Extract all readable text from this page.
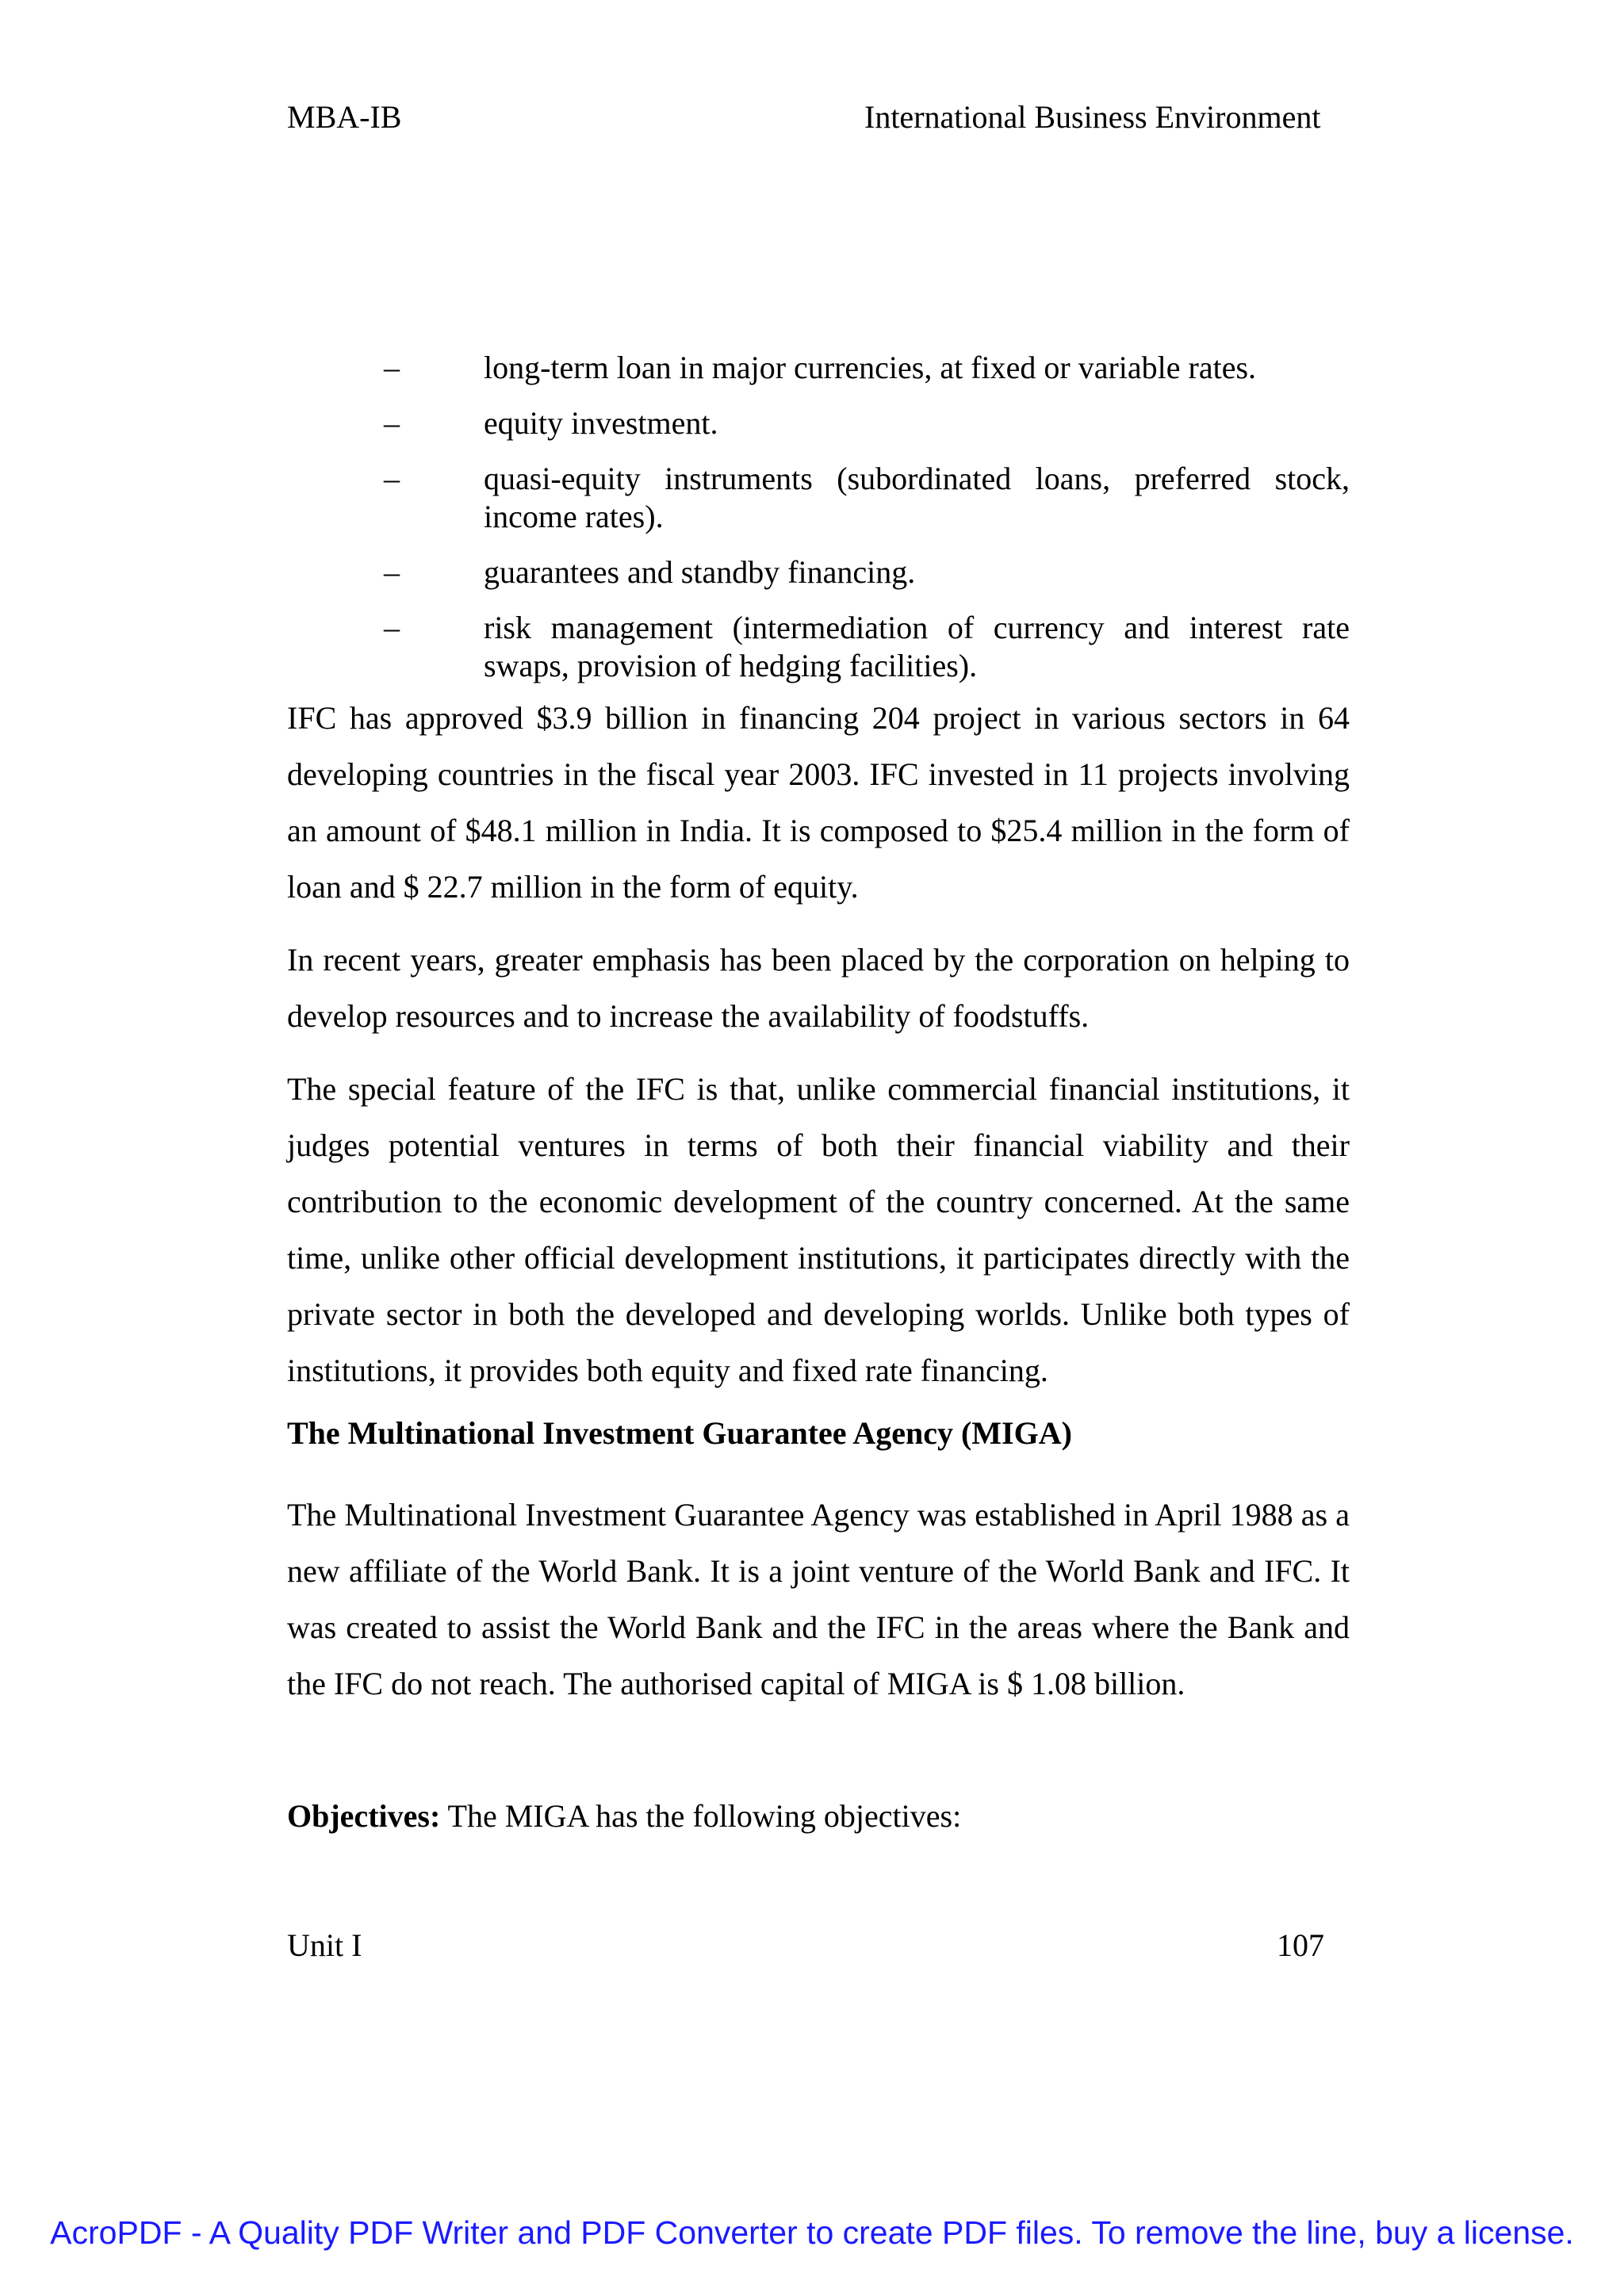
MBA-IB	International Business Environment
–	long-term loan in major currencies, at fixed or variable rates.
–	equity investment.
–	quasi-equity instruments (subordinated loans, preferred stock, income rates).
–	guarantees and standby financing.
–	risk management (intermediation of currency and interest rate swaps, provision of hedging facilities).

IFC has approved $3.9 billion in financing 204 project in various sectors in 64 developing countries in the fiscal year 2003. IFC invested in 11 projects involving an amount of $48.1 million in India. It is composed to $25.4 million in the form of loan and $ 22.7 million in the form of equity.

In recent years, greater emphasis has been placed by the corporation on helping to develop resources and to increase the availability of foodstuffs.

The special feature of the IFC is that, unlike commercial financial institutions, it judges potential ventures in terms of both their financial viability and their contribution to the economic development of the country concerned. At the same time, unlike other official development institutions, it participates directly with the private sector in both the developed and developing worlds. Unlike both types of institutions, it provides both equity and fixed rate financing.

The Multinational Investment Guarantee Agency (MIGA)

The Multinational Investment Guarantee Agency was established in April 1988 as a new affiliate of the World Bank. It is a joint venture of the World Bank and IFC. It was created to assist the World Bank and the IFC in the areas where the Bank and the IFC do not reach. The authorised capital of MIGA is $ 1.08 billion.

Objectives: The MIGA has the following objectives:

Unit I	107
AcroPDF - A Quality PDF Writer and PDF Converter to create PDF files. To remove the line, buy a license.
